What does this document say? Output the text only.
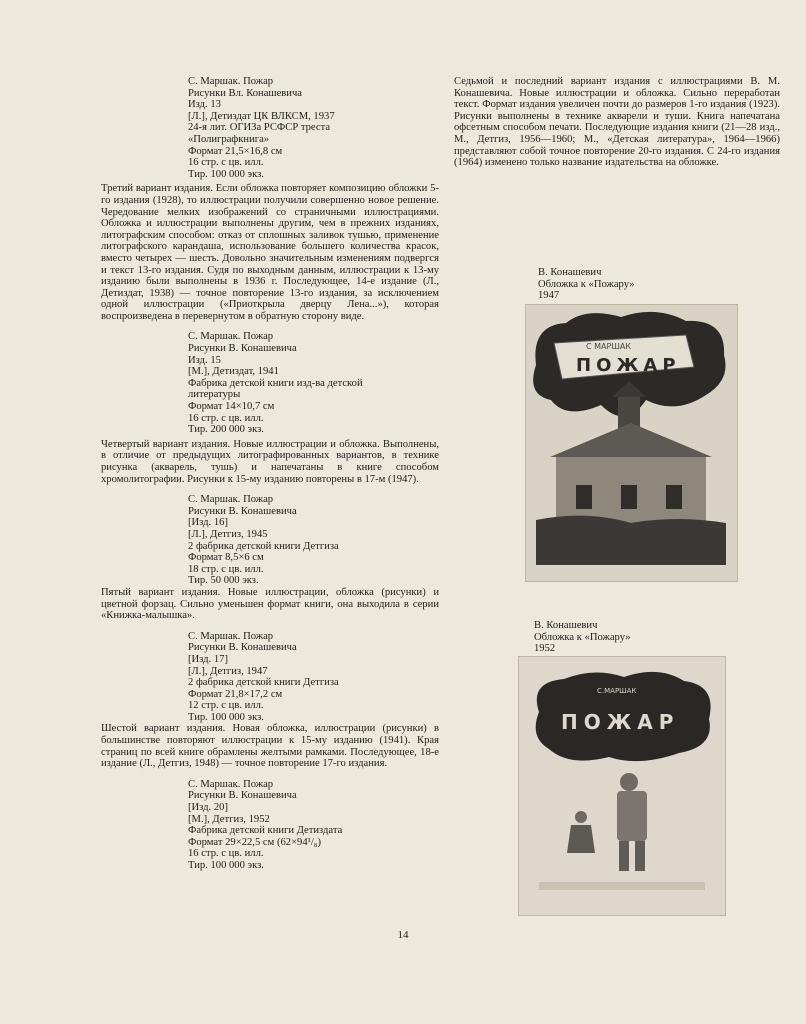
С. Маршак. Пожар
Рисунки Вл. Конашевича
Изд. 13
[Л.], Детиздат ЦК ВЛКСМ, 1937
24-я лит. ОГИЗа РСФСР треста
«Полиграфкнига»
Формат 21,5×16,8 см
16 стр. с цв. илл.
Тир. 100 000 экз.

Третий вариант издания. Если обложка повторяет композицию обложки 5-го издания (1928), то иллюстрации получили совершенно новое решение. Чередование мелких изображений со страничными иллюстрациями. Обложка и иллюстрации выполнены другим, чем в прежних изданиях, литографским способом: отказ от сплошных заливок тушью, применение литографского карандаша, использование большего количества красок, вместо четырех — шесть. Довольно значительным изменениям подвергся и текст 13-го издания. Судя по выходным данным, иллюстрации к 13-му изданию были выполнены в 1936 г. Последующее, 14-е издание (Л., Детиздат, 1938) — точное повторение 13-го издания, за исключением одной иллюстрации («Приоткрыла дверцу Лена...»), которая воспроизведена в перевернутом в обратную сторону виде.

С. Маршак. Пожар
Рисунки В. Конашевича
Изд. 15
[М.], Детиздат, 1941
Фабрика детской книги изд-ва детской
литературы
Формат 14×10,7 см
16 стр. с цв. илл.
Тир. 200 000 экз.

Четвертый вариант издания. Новые иллюстрации и обложка. Выполнены, в отличие от предыдущих литографированных вариантов, в технике рисунка (акварель, тушь) и напечатаны в книге способом хромолитографии. Рисунки к 15-му изданию повторены в 17-м (1947).

С. Маршак. Пожар
Рисунки В. Конашевича
[Изд. 16]
[Л.], Детгиз, 1945
2 фабрика детской книги Детгиза
Формат 8,5×6 см
18 стр. с цв. илл.
Тир. 50 000 экз.

Пятый вариант издания. Новые иллюстрации, обложка (рисунки) и цветной форзац. Сильно уменьшен формат книги, она выходила в серии «Книжка-малышка».

С. Маршак. Пожар
Рисунки В. Конашевича
[Изд. 17]
[Л.], Детгиз, 1947
2 фабрика детской книги Детгиза
Формат 21,8×17,2 см
12 стр. с цв. илл.
Тир. 100 000 экз.

Шестой вариант издания. Новая обложка, иллюстрации (рисунки) в большинстве повторяют иллюстрации к 15-му изданию (1941). Края страниц по всей книге обрамлены желтыми рамками. Последующее, 18-е издание (Л., Детгиз, 1948) — точное повторение 17-го издания.

С. Маршак. Пожар
Рисунки В. Конашевича
[Изд. 20]
[М.], Детгиз, 1952
Фабрика детской книги Детиздата
Формат 29×22,5 см (62×94¹/₈)
16 стр. с цв. илл.
Тир. 100 000 экз.

Седьмой и последний вариант издания с иллюстрациями В. М. Конашевича. Новые иллюстрации и обложка. Сильно переработан текст. Формат издания увеличен почти до размеров 1-го издания (1923). Рисунки выполнены в технике акварели и туши. Книга напечатана офсетным способом печати. Последующие издания книги (21—28 изд., М., Детгиз, 1956—1960; М., «Детская литература», 1964—1966) представляют собой точное повторение 20-го издания. С 24-го издания (1964) изменено только название издательства на обложке.

В. Конашевич
Обложка к «Пожару»
1947
С МАРШАК
ПОЖАР
В. Конашевич
Обложка к «Пожару»
1952
С.МАРШАК
ПОЖАР
14
